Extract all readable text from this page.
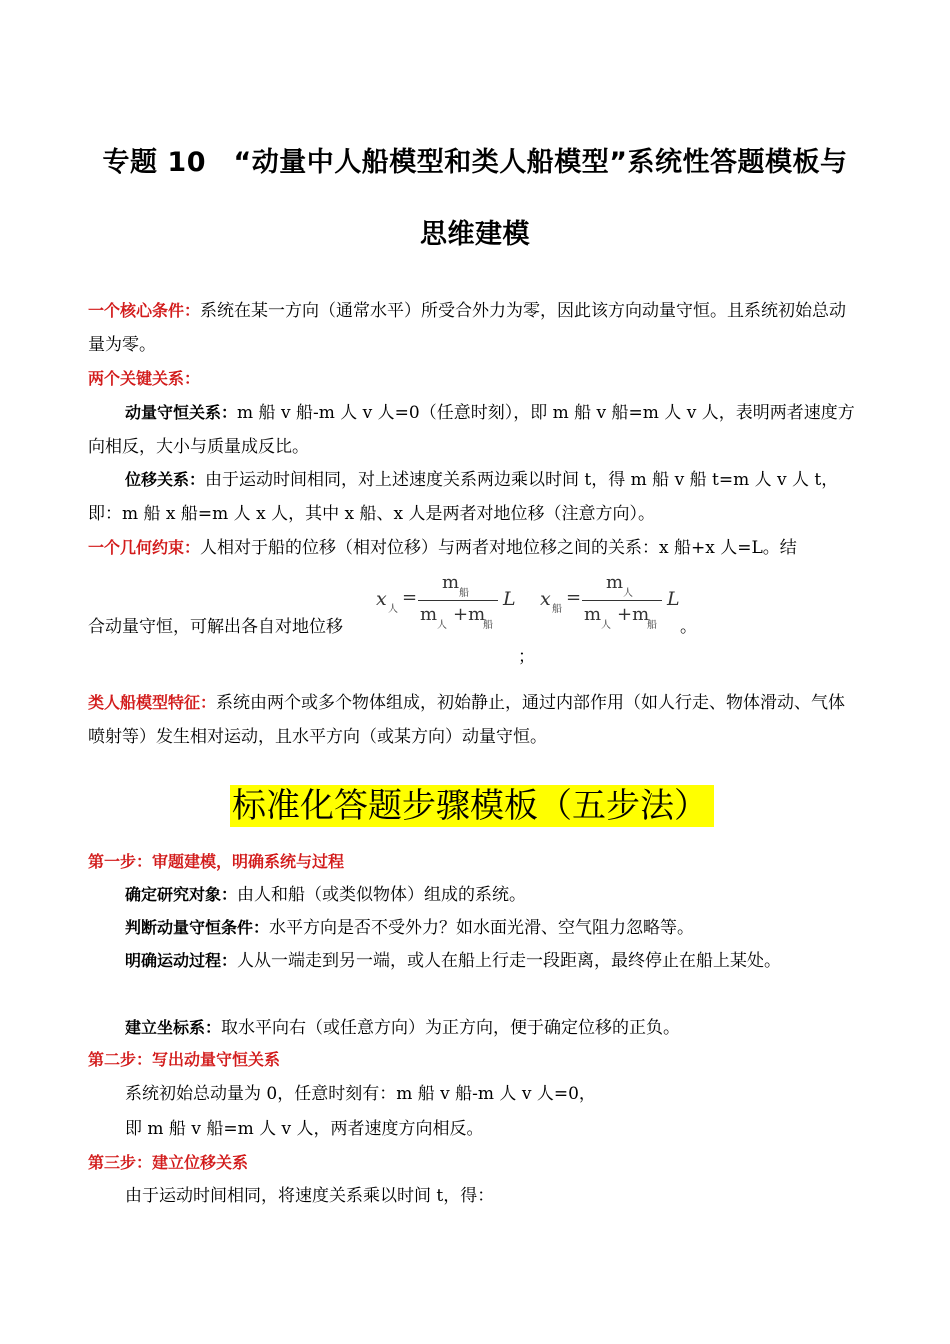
专题 10　“动量中人船模型和类人船模型”系统性答题模板与
思维建模
一个核心条件：系统在某一方向（通常水平）所受合外力为零，因此该方向动量守恒。且系统初始总动量为零。
两个关键关系：
动量守恒关系：m 船 v 船-m 人 v 人=0（任意时刻），即 m 船 v 船=m 人 v 人，表明两者速度方向相反，大小与质量成反比。
位移关系：由于运动时间相同，对上述速度关系两边乘以时间 t，得 m 船 v 船 t=m 人 v 人 t，即：m 船 x 船=m 人 x 人，其中 x 船、x 人是两者对地位移（注意方向）。
一个几何约束：人相对于船的位移（相对位移）与两者对地位移之间的关系：x 船+x 人=L。结
合动量守恒，可解出各自对地位移
x 人
=
m
船
m
人
+m
船
L x 船
=
m
人
m
人
+m
船
L
。
；
类人船模型特征：系统由两个或多个物体组成，初始静止，通过内部作用（如人行走、物体滑动、气体喷射等）发生相对运动，且水平方向（或某方向）动量守恒。
标准化答题步骤模板（五步法）
第一步：审题建模，明确系统与过程
确定研究对象：由人和船（或类似物体）组成的系统。
判断动量守恒条件：水平方向是否不受外力？如水面光滑、空气阻力忽略等。
明确运动过程：人从一端走到另一端，或人在船上行走一段距离，最终停止在船上某处。
建立坐标系：取水平向右（或任意方向）为正方向，便于确定位移的正负。
第二步：写出动量守恒关系
系统初始总动量为 0，任意时刻有：m 船 v 船-m 人 v 人=0，
即 m 船 v 船=m 人 v 人，两者速度方向相反。
第三步：建立位移关系
由于运动时间相同，将速度关系乘以时间 t，得：
